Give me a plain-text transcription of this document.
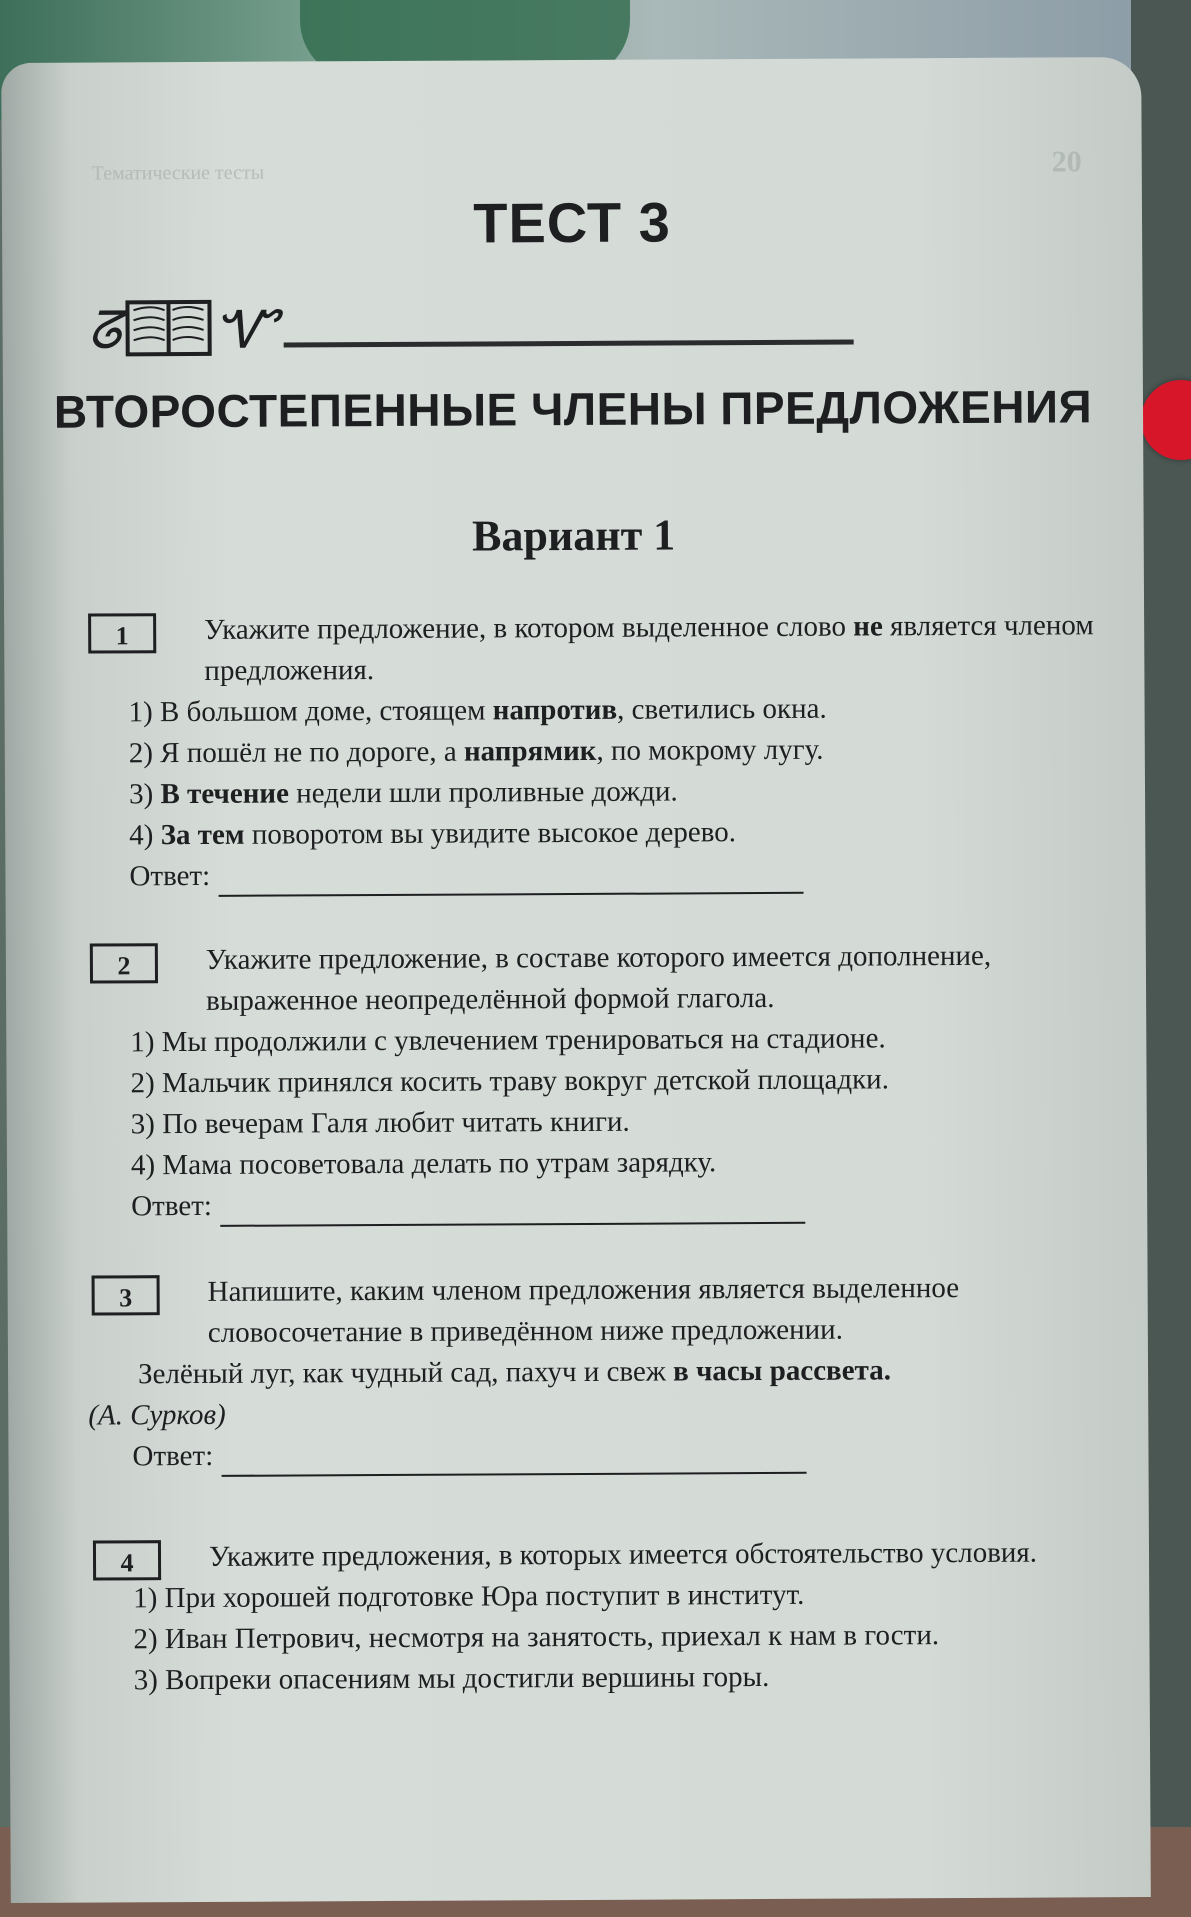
Тематические тесты	20
ТЕСТ 3
ᘔ Ꮙ
ВТОРОСТЕПЕННЫЕ ЧЛЕНЫ ПРЕДЛОЖЕНИЯ
Вариант 1
1	Укажите предложение, в котором выделенное слово не является членом предложения.
1) В большом доме, стоящем напротив, светились окна.
2) Я пошёл не по дороге, а напрямик, по мокрому лугу.
3) В течение недели шли проливные дожди.
4) За тем поворотом вы увидите высокое дерево.
Ответ:
2	Укажите предложение, в составе которого имеется дополнение, выраженное неопределённой формой глагола.
1) Мы продолжили с увлечением тренироваться на стадионе.
2) Мальчик принялся косить траву вокруг детской площадки.
3) По вечерам Галя любит читать книги.
4) Мама посоветовала делать по утрам зарядку.
Ответ:
3	Напишите, каким членом предложения является выделенное словосочетание в приведённом ниже предложении.
Зелёный луг, как чудный сад, пахуч и свеж в часы рассвета.
(А. Сурков)
Ответ:
4	Укажите предложения, в которых имеется обстоятельство условия.
1) При хорошей подготовке Юра поступит в институт.
2) Иван Петрович, несмотря на занятость, приехал к нам в гости.
3) Вопреки опасениям мы достигли вершины горы.
